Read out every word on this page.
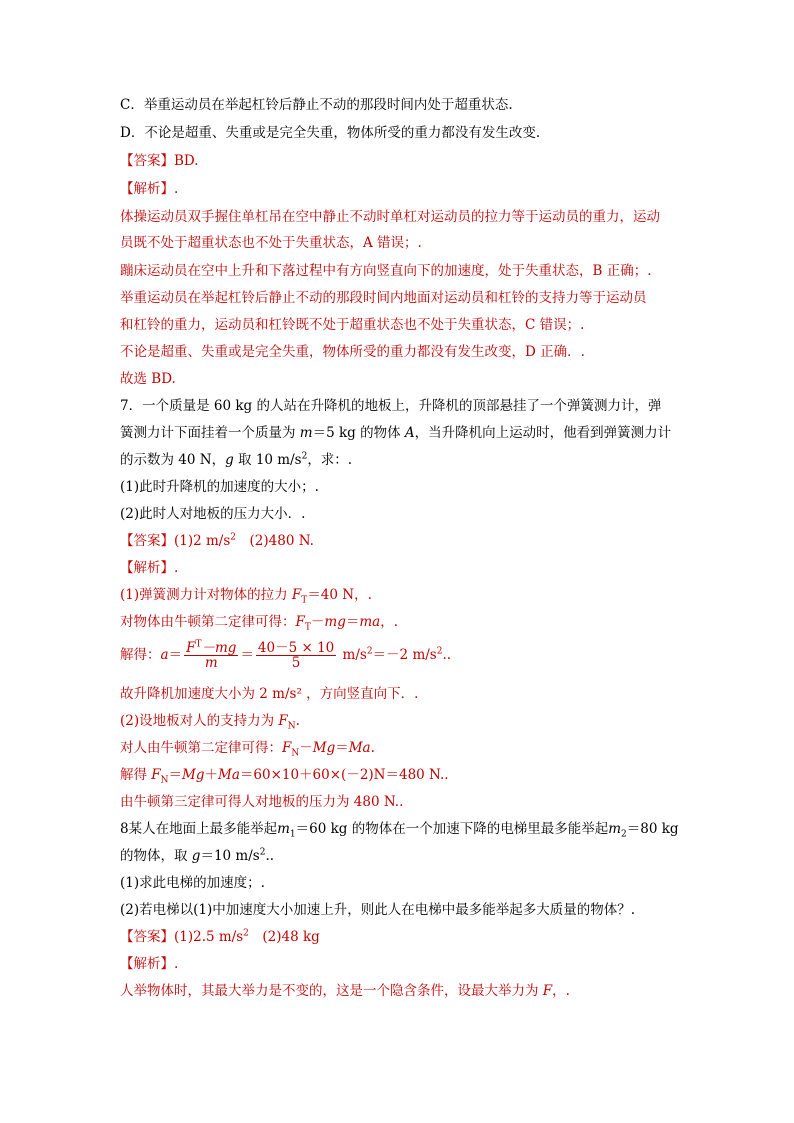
C．举重运动员在举起杠铃后静止不动的那段时间内处于超重状态.
D．不论是超重、失重或是完全失重，物体所受的重力都没有发生改变.
【答案】BD.
【解析】.
体操运动员双手握住单杠吊在空中静止不动时单杠对运动员的拉力等于运动员的重力，运动
员既不处于超重状态也不处于失重状态，A 错误；.
蹦床运动员在空中上升和下落过程中有方向竖直向下的加速度，处于失重状态，B 正确；.
举重运动员在举起杠铃后静止不动的那段时间内地面对运动员和杠铃的支持力等于运动员
和杠铃的重力，运动员和杠铃既不处于超重状态也不处于失重状态，C 错误；.
不论是超重、失重或是完全失重，物体所受的重力都没有发生改变，D 正确．.
故选 BD.
7．一个质量是 60 kg 的人站在升降机的地板上，升降机的顶部悬挂了一个弹簧测力计，弹
簧测力计下面挂着一个质量为 m＝5 kg 的物体 A，当升降机向上运动时，他看到弹簧测力计
的示数为 40 N，g 取 10 $m/s^2$，求：.
(1)此时升降机的加速度的大小；.
(2)此时人对地板的压力大小．.
【答案】(1)2 $m/s^2$　(2)480 N.
【解析】.
(1)弹簧测力计对物体的拉力 $F_T=40$ N，.
对物体由牛顿第二定律可得：$F_T-mg=ma$，.
解得：$a= \frac{F^T-mg}{m} = \frac{40-5 \times 10}{5} m/s^2=-2$ $m/s^2$..
故升降机加速度大小为 2 m/s² ，方向竖直向下．.
(2)设地板对人的支持力为 $F_N$.
对人由牛顿第二定律可得：$F_N-Mg=Ma$.
解得 $F_N=Mg+Ma=60\times 10+60\times(-2)N=480$ N..
由牛顿第三定律可得人对地板的压力为 480 N..
8某人在地面上最多能举起$m_1=60$ kg 的物体在一个加速下降的电梯里最多能举起$m_2=80$ kg
的物体，取 g＝10 $m/s^2$..
(1)求此电梯的加速度；.
(2)若电梯以(1)中加速度大小加速上升，则此人在电梯中最多能举起多大质量的物体？.
【答案】(1)2.5 $m/s^2$　(2)48 kg
【解析】.
人举物体时，其最大举力是不变的，这是一个隐含条件，设最大举力为 F，.
